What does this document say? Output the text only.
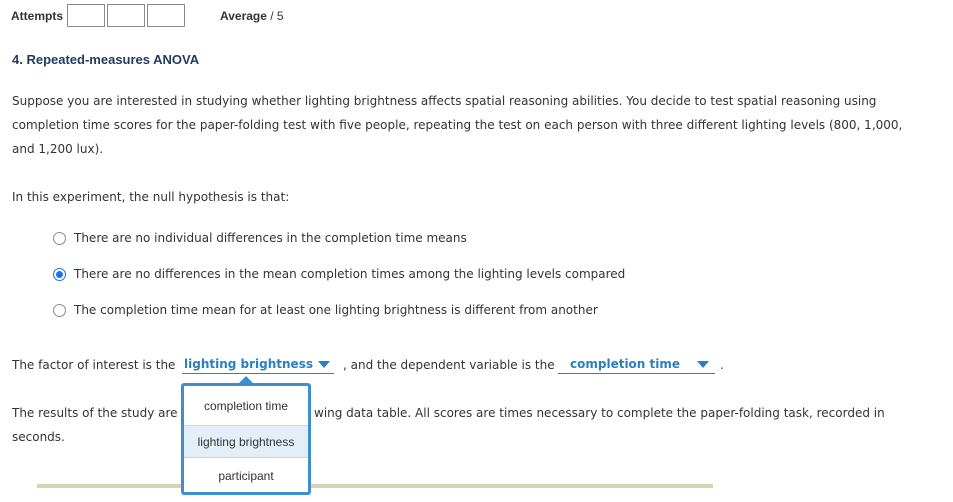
Attempts	Average / 5
4. Repeated-measures ANOVA
Suppose you are interested in studying whether lighting brightness affects spatial reasoning abilities. You decide to test spatial reasoning using
completion time scores for the paper-folding test with five people, repeating the test on each person with three different lighting levels (800, 1,000,
and 1,200 lux).
In this experiment, the null hypothesis is that:
There are no individual differences in the completion time means
There are no differences in the mean completion times among the lighting levels compared
The completion time mean for at least one lighting brightness is different from another
The factor of interest is the lighting brightness	, and the dependent variable is the completion time	.
The results of the study are	wing data table. All scores are times necessary to complete the paper-folding task, recorded in
seconds.
completion time
lighting brightness
participant
